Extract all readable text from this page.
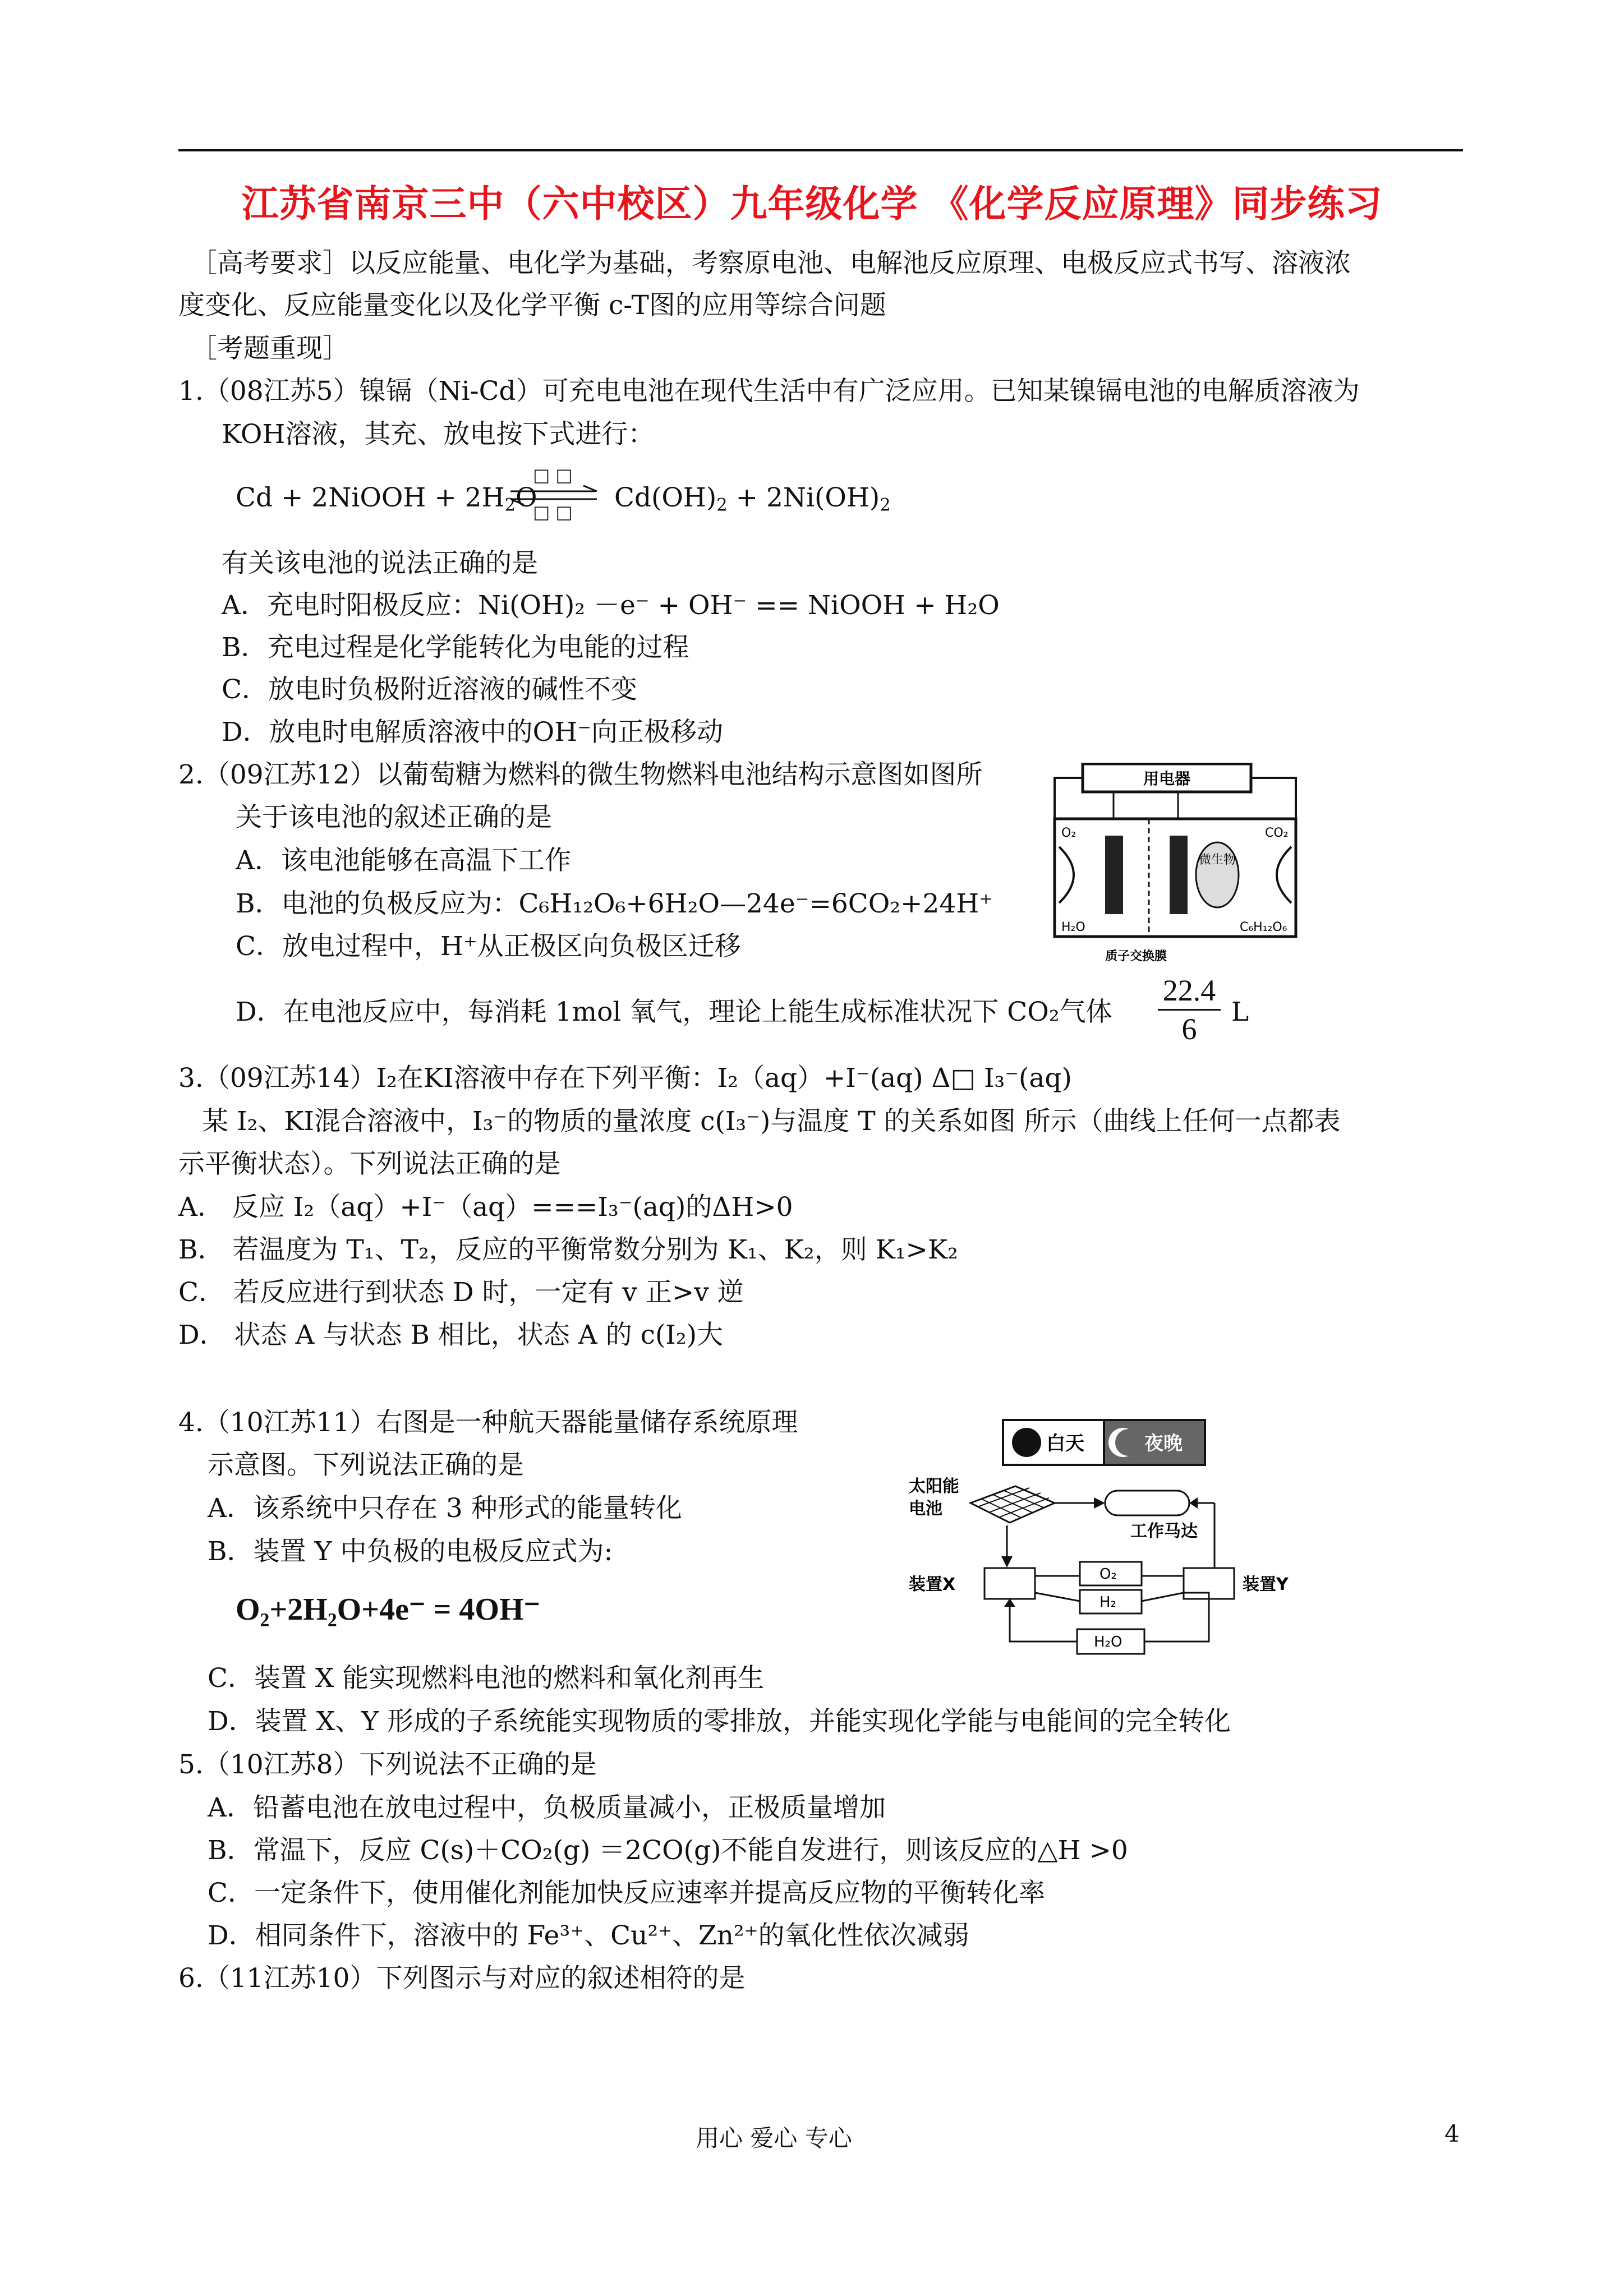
江苏省南京三中（六中校区）九年级化学 《化学反应原理》同步练习
［高考要求］以反应能量、电化学为基础，考察原电池、电解池反应原理、电极反应式书写、溶液浓
度变化、反应能量变化以及化学平衡 c-T图的应用等综合问题
［考题重现］
1.（08江苏5）镍镉（Ni-Cd）可充电电池在现代生活中有广泛应用。已知某镍镉电池的电解质溶液为
KOH溶液，其充、放电按下式进行：
Cd + 2NiOOH + $2H_2O$
□ □
□ □ $Cd(OH)_2 + 2Ni(OH)_2$
有关该电池的说法正确的是
A．充电时阳极反应：Ni(OH)₂ －e⁻ + OH⁻ == NiOOH + H₂O
B．充电过程是化学能转化为电能的过程
C．放电时负极附近溶液的碱性不变
D．放电时电解质溶液中的OH⁻向正极移动
2.（09江苏12）以葡萄糖为燃料的微生物燃料电池结构示意图如图所
关于该电池的叙述正确的是
A．该电池能够在高温下工作
B．电池的负极反应为：C₆H₁₂O₆+6H₂O—24e⁻=6CO₂+24H⁺
C．放电过程中，H⁺从正极区向负极区迁移
D．在电池反应中，每消耗 1mol 氧气，理论上能生成标准状况下 CO₂气体
22.4
6
L
用电器
微生物
O₂	CO₂
H₂O	C₆H₁₂O₆
质子交换膜
3.（09江苏14）I₂在KI溶液中存在下列平衡：I₂（aq）+I⁻(aq) Δ□ I₃⁻(aq)
某 I₂、KI混合溶液中，I₃⁻的物质的量浓度 c(I₃⁻)与温度 T 的关系如图 所示（曲线上任何一点都表
示平衡状态）。下列说法正确的是
A． 反应 I₂（aq）+I⁻（aq）===I₃⁻(aq)的ΔH>0
B． 若温度为 T₁、T₂，反应的平衡常数分别为 K₁、K₂，则 K₁>K₂
C． 若反应进行到状态 D 时，一定有 v 正>v 逆
D． 状态 A 与状态 B 相比，状态 A 的 c(I₂)大
4.（10江苏11）右图是一种航天器能量储存系统原理
示意图。下列说法正确的是
A．该系统中只存在 3 种形式的能量转化
B．装置 Y 中负极的电极反应式为:
O₂+2H₂O+4e⁻ = 4OH⁻
C．装置 X 能实现燃料电池的燃料和氧化剂再生
D．装置 X、Y 形成的子系统能实现物质的零排放，并能实现化学能与电能间的完全转化
白天	夜晚
太阳能
电池
工作马达
装置X	装置Y
O₂
H₂
H₂O
5.（10江苏8）下列说法不正确的是
A．铅蓄电池在放电过程中，负极质量减小，正极质量增加
B．常温下，反应 C(s)＋CO₂(g) ＝2CO(g)不能自发进行，则该反应的△H >0
C．一定条件下，使用催化剂能加快反应速率并提高反应物的平衡转化率
D．相同条件下，溶液中的 Fe³⁺、Cu²⁺、Zn²⁺的氧化性依次减弱
6.（11江苏10）下列图示与对应的叙述相符的是
用心 爱心 专心	4
